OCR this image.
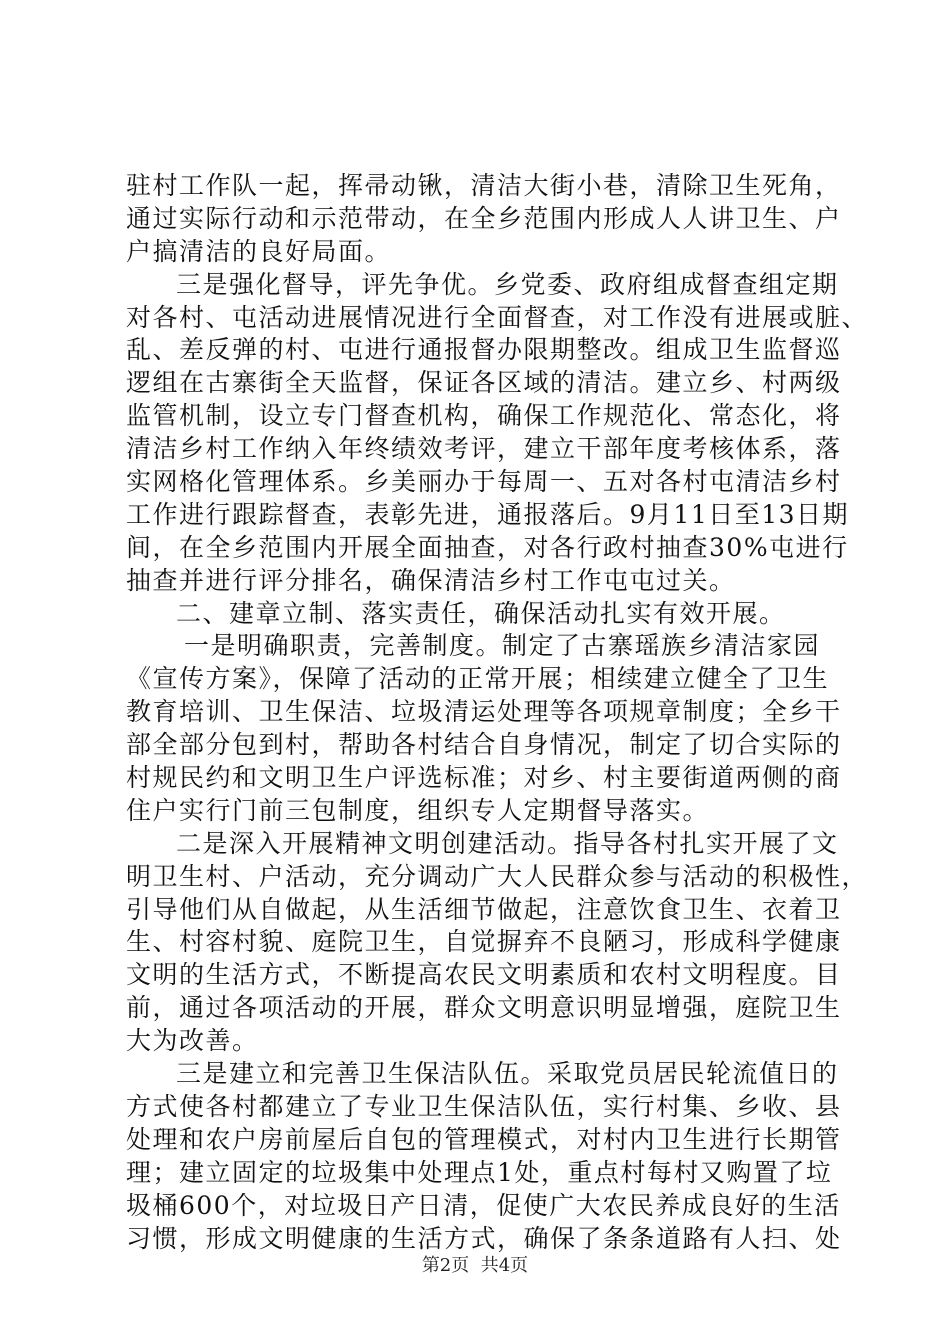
驻村工作队一起，挥帚动锹，清洁大街小巷，清除卫生死角，
通过实际行动和示范带动，在全乡范围内形成人人讲卫生、户
户搞清洁的良好局面。
三是强化督导，评先争优。乡党委、政府组成督查组定期
对各村、屯活动进展情况进行全面督查，对工作没有进展或脏、
乱、差反弹的村、屯进行通报督办限期整改。组成卫生监督巡
逻组在古寨街全天监督，保证各区域的清洁。建立乡、村两级
监管机制，设立专门督查机构，确保工作规范化、常态化，将
清洁乡村工作纳入年终绩效考评，建立干部年度考核体系，落
实网格化管理体系。乡美丽办于每周一、五对各村屯清洁乡村
工作进行跟踪督查，表彰先进，通报落后。9月11日至13日期
间，在全乡范围内开展全面抽查，对各行政村抽查30%屯进行
抽查并进行评分排名，确保清洁乡村工作屯屯过关。
二、建章立制、落实责任，确保活动扎实有效开展。
一是明确职责，完善制度。制定了古寨瑶族乡清洁家园
《宣传方案》，保障了活动的正常开展；相续建立健全了卫生
教育培训、卫生保洁、垃圾清运处理等各项规章制度；全乡干
部全部分包到村，帮助各村结合自身情况，制定了切合实际的
村规民约和文明卫生户评选标准；对乡、村主要街道两侧的商
住户实行门前三包制度，组织专人定期督导落实。
二是深入开展精神文明创建活动。指导各村扎实开展了文
明卫生村、户活动，充分调动广大人民群众参与活动的积极性，
引导他们从自做起，从生活细节做起，注意饮食卫生、衣着卫
生、村容村貌、庭院卫生，自觉摒弃不良陋习，形成科学健康
文明的生活方式，不断提高农民文明素质和农村文明程度。目
前，通过各项活动的开展，群众文明意识明显增强，庭院卫生
大为改善。
三是建立和完善卫生保洁队伍。采取党员居民轮流值日的
方式使各村都建立了专业卫生保洁队伍，实行村集、乡收、县
处理和农户房前屋后自包的管理模式，对村内卫生进行长期管
理；建立固定的垃圾集中处理点1处，重点村每村又购置了垃
圾桶600个，对垃圾日产日清，促使广大农民养成良好的生活
习惯，形成文明健康的生活方式，确保了条条道路有人扫、处
第2页  共4页
